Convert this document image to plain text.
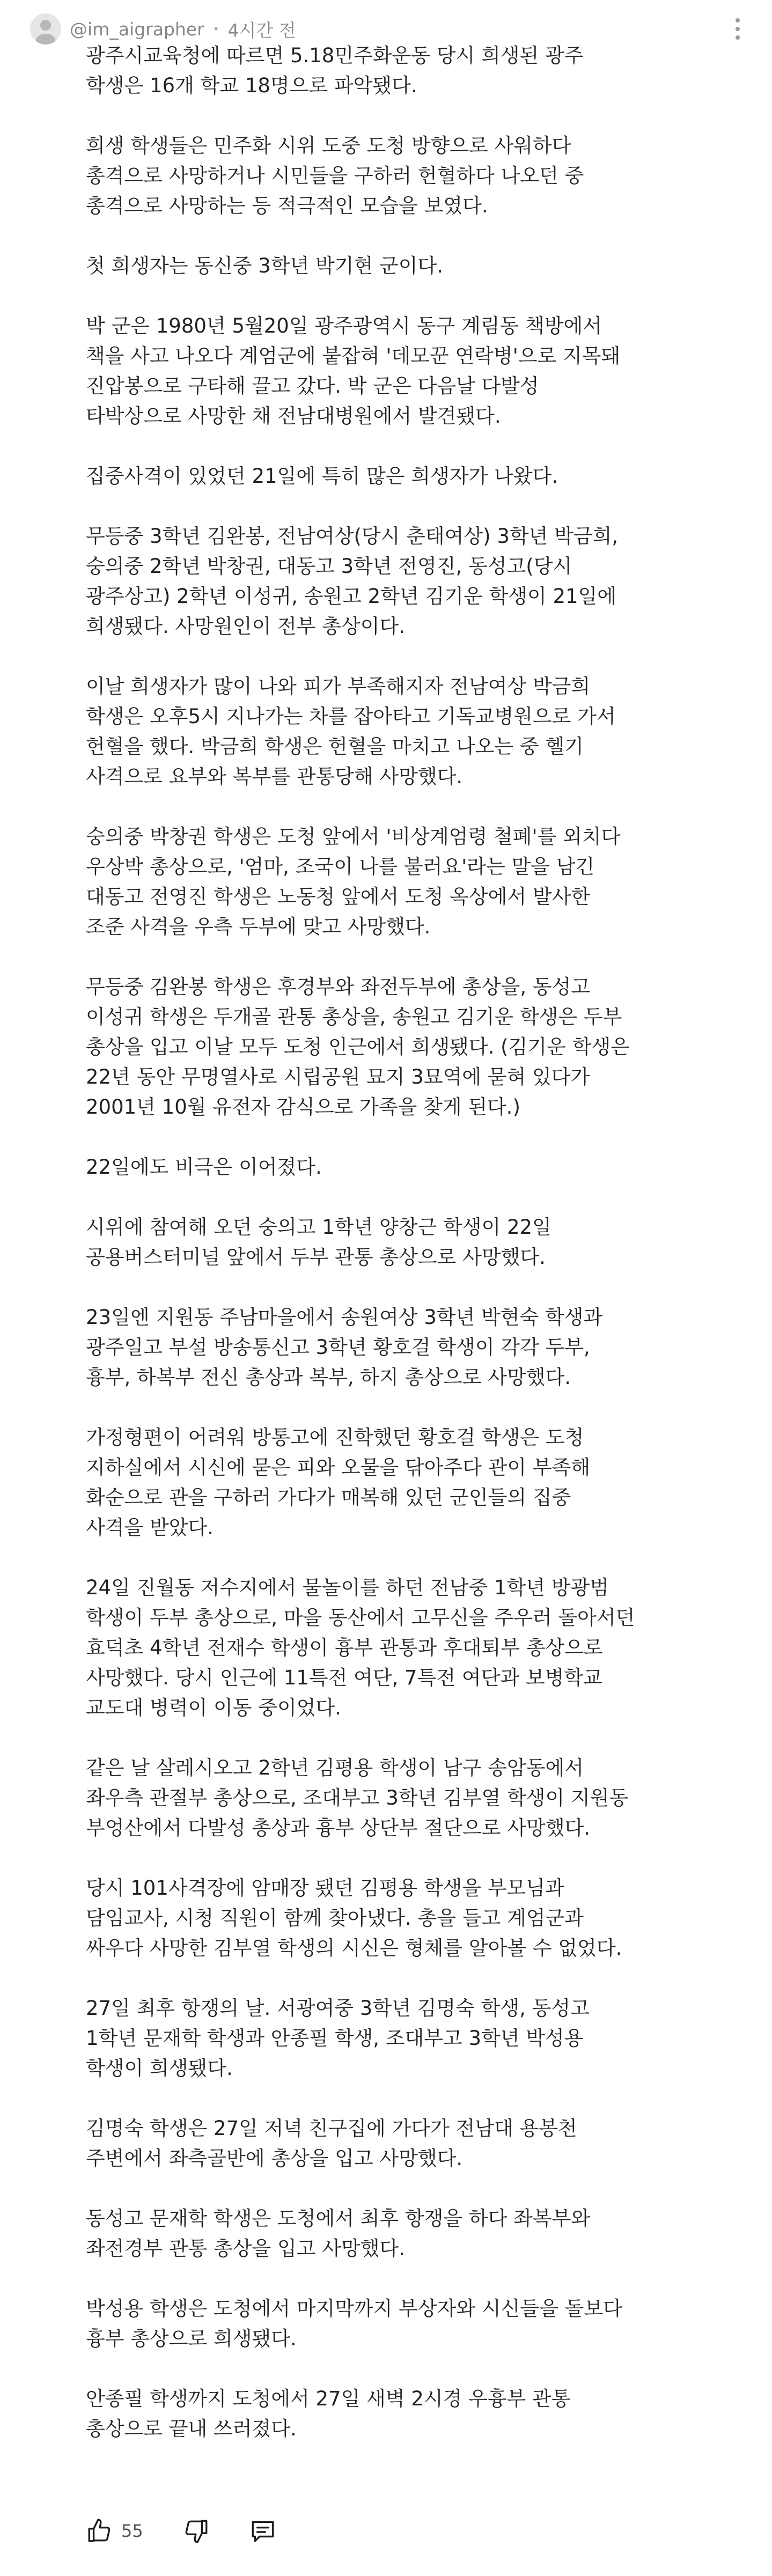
@im_aigrapher • 4시간 전

광주시교육청에 따르면 5.18민주화운동 당시 희생된 광주
학생은 16개 학교 18명으로 파악됐다.

희생 학생들은 민주화 시위 도중 도청 방향으로 사워하다
총격으로 사망하거나 시민들을 구하러 헌혈하다 나오던 중
총격으로 사망하는 등 적극적인 모습을 보였다.

첫 희생자는 동신중 3학년 박기현 군이다.

박 군은 1980년 5월20일 광주광역시 동구 계림동 책방에서
책을 사고 나오다 계엄군에 붙잡혀 '데모꾼 연락병'으로 지목돼
진압봉으로 구타해 끌고 갔다. 박 군은 다음날 다발성
타박상으로 사망한 채 전남대병원에서 발견됐다.

집중사격이 있었던 21일에 특히 많은 희생자가 나왔다.

무등중 3학년 김완봉, 전남여상(당시 춘태여상) 3학년 박금희,
숭의중 2학년 박창권, 대동고 3학년 전영진, 동성고(당시
광주상고) 2학년 이성귀, 송원고 2학년 김기운 학생이 21일에
희생됐다. 사망원인이 전부 총상이다.

이날 희생자가 많이 나와 피가 부족해지자 전남여상 박금희
학생은 오후5시 지나가는 차를 잡아타고 기독교병원으로 가서
헌혈을 했다. 박금희 학생은 헌혈을 마치고 나오는 중 헬기
사격으로 요부와 복부를 관통당해 사망했다.

숭의중 박창권 학생은 도청 앞에서 '비상계엄령 철폐'를 외치다
우상박 총상으로, '엄마, 조국이 나를 불러요'라는 말을 남긴
대동고 전영진 학생은 노동청 앞에서 도청 옥상에서 발사한
조준 사격을 우측 두부에 맞고 사망했다.

무등중 김완봉 학생은 후경부와 좌전두부에 총상을, 동성고
이성귀 학생은 두개골 관통 총상을, 송원고 김기운 학생은 두부
총상을 입고 이날 모두 도청 인근에서 희생됐다. (김기운 학생은
22년 동안 무명열사로 시립공원 묘지 3묘역에 묻혀 있다가
2001년 10월 유전자 감식으로 가족을 찾게 된다.)

22일에도 비극은 이어졌다.

시위에 참여해 오던 숭의고 1학년 양창근 학생이 22일
공용버스터미널 앞에서 두부 관통 총상으로 사망했다.

23일엔 지원동 주남마을에서 송원여상 3학년 박현숙 학생과
광주일고 부설 방송통신고 3학년 황호걸 학생이 각각 두부,
흉부, 하복부 전신 총상과 복부, 하지 총상으로 사망했다.

가정형편이 어려워 방통고에 진학했던 황호걸 학생은 도청
지하실에서 시신에 묻은 피와 오물을 닦아주다 관이 부족해
화순으로 관을 구하러 가다가 매복해 있던 군인들의 집중
사격을 받았다.

24일 진월동 저수지에서 물놀이를 하던 전남중 1학년 방광범
학생이 두부 총상으로, 마을 동산에서 고무신을 주우러 돌아서던
효덕초 4학년 전재수 학생이 흉부 관통과 후대퇴부 총상으로
사망했다. 당시 인근에 11특전 여단, 7특전 여단과 보병학교
교도대 병력이 이동 중이었다.

같은 날 살레시오고 2학년 김평용 학생이 남구 송암동에서
좌우측 관절부 총상으로, 조대부고 3학년 김부열 학생이 지원동
부엉산에서 다발성 총상과 흉부 상단부 절단으로 사망했다.

당시 101사격장에 암매장 됐던 김평용 학생을 부모님과
담임교사, 시청 직원이 함께 찾아냈다. 총을 들고 계엄군과
싸우다 사망한 김부열 학생의 시신은 형체를 알아볼 수 없었다.

27일 최후 항쟁의 날. 서광여중 3학년 김명숙 학생, 동성고
1학년 문재학 학생과 안종필 학생, 조대부고 3학년 박성용
학생이 희생됐다.

김명숙 학생은 27일 저녁 친구집에 가다가 전남대 용봉천
주변에서 좌측골반에 총상을 입고 사망했다.

동성고 문재학 학생은 도청에서 최후 항쟁을 하다 좌복부와
좌전경부 관통 총상을 입고 사망했다.

박성용 학생은 도청에서 마지막까지 부상자와 시신들을 돌보다
흉부 총상으로 희생됐다.

안종필 학생까지 도청에서 27일 새벽 2시경 우흉부 관통
총상으로 끝내 쓰러졌다.

55
